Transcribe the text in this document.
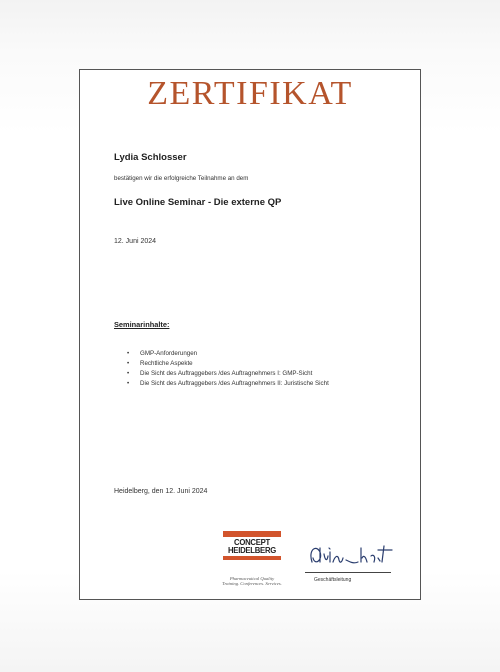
ZERTIFIKAT
Lydia Schlosser
bestätigen wir die erfolgreiche Teilnahme an dem
Live Online Seminar - Die externe QP
12. Juni 2024
Seminarinhalte:
• GMP-Anforderungen
• Rechtliche Aspekte
• Die Sicht des Auftraggebers /des Auftragnehmers I: GMP-Sicht
• Die Sicht des Auftraggebers /des Auftragnehmers II: Juristische Sicht
Heidelberg, den 12. Juni 2024
CONCEPT
HEIDELBERG
Pharmaceutical Quality
Training. Conferences. Services.
Geschäftsleitung
